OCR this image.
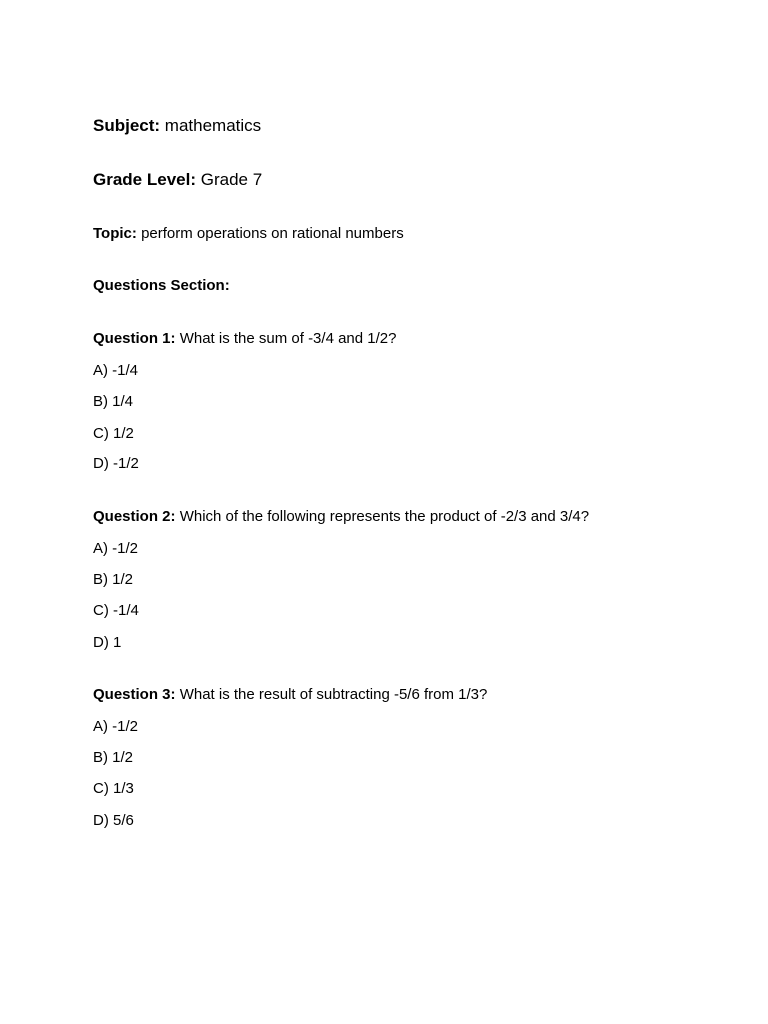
Subject: mathematics
Grade Level: Grade 7
Topic: perform operations on rational numbers
Questions Section:
Question 1: What is the sum of -3/4 and 1/2?
A) -1/4
B) 1/4
C) 1/2
D) -1/2
Question 2: Which of the following represents the product of -2/3 and 3/4?
A) -1/2
B) 1/2
C) -1/4
D) 1
Question 3: What is the result of subtracting -5/6 from 1/3?
A) -1/2
B) 1/2
C) 1/3
D) 5/6
